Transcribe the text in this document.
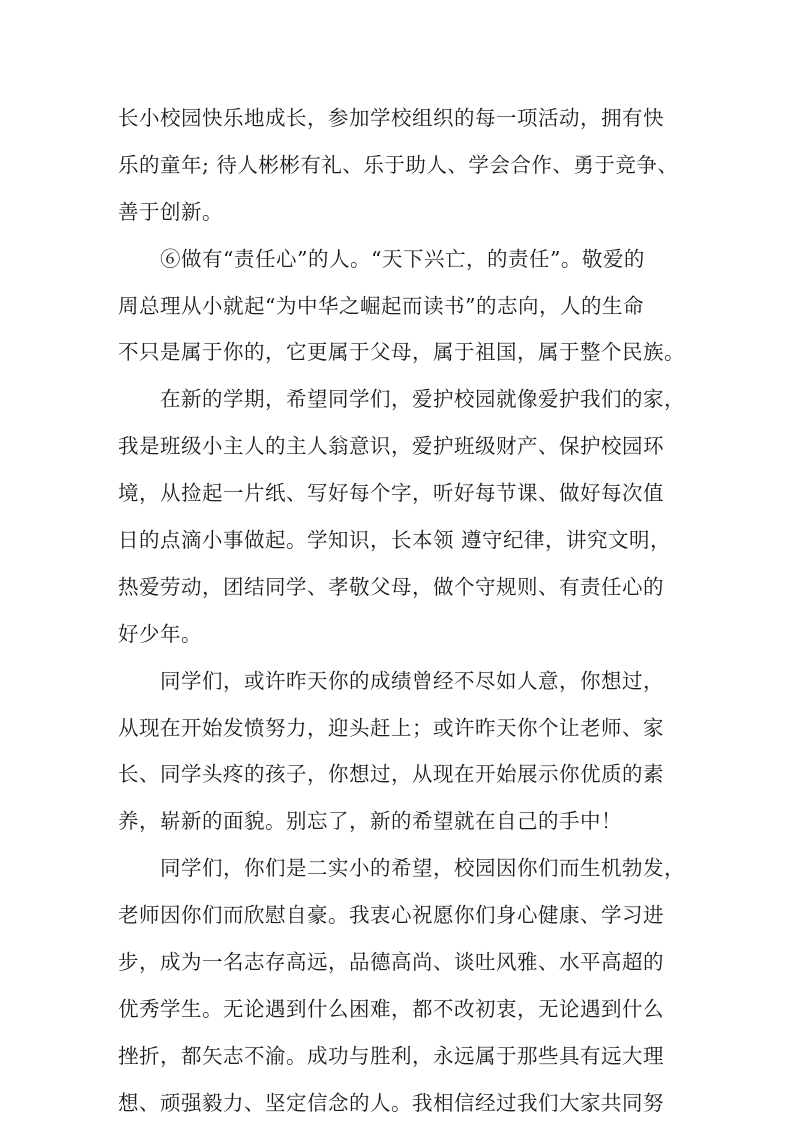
长小校园快乐地成长，参加学校组织的每一项活动，拥有快
乐的童年; 待人彬彬有礼、乐于助人、学会合作、勇于竞争、
善于创新。
⑥做有“责任心”的人。“天下兴亡，的责任”。敬爱的
周总理从小就起“为中华之崛起而读书”的志向，人的生命
不只是属于你的，它更属于父母，属于祖国，属于整个民族。
在新的学期，希望同学们，爱护校园就像爱护我们的家，
我是班级小主人的主人翁意识，爱护班级财产、保护校园环
境，从捡起一片纸、写好每个字，听好每节课、做好每次值
日的点滴小事做起。学知识，长本领 遵守纪律，讲究文明，
热爱劳动，团结同学、孝敬父母，做个守规则、有责任心的
好少年。
同学们，或许昨天你的成绩曾经不尽如人意，你想过，
从现在开始发愤努力，迎头赶上；或许昨天你个让老师、家
长、同学头疼的孩子，你想过，从现在开始展示你优质的素
养，崭新的面貌。别忘了，新的希望就在自己的手中！
同学们，你们是二实小的希望，校园因你们而生机勃发，
老师因你们而欣慰自豪。我衷心祝愿你们身心健康、学习进
步，成为一名志存高远，品德高尚、谈吐风雅、水平高超的
优秀学生。无论遇到什么困难，都不改初衷，无论遇到什么
挫折，都矢志不渝。成功与胜利，永远属于那些具有远大理
想、顽强毅力、坚定信念的人。我相信经过我们大家共同努
